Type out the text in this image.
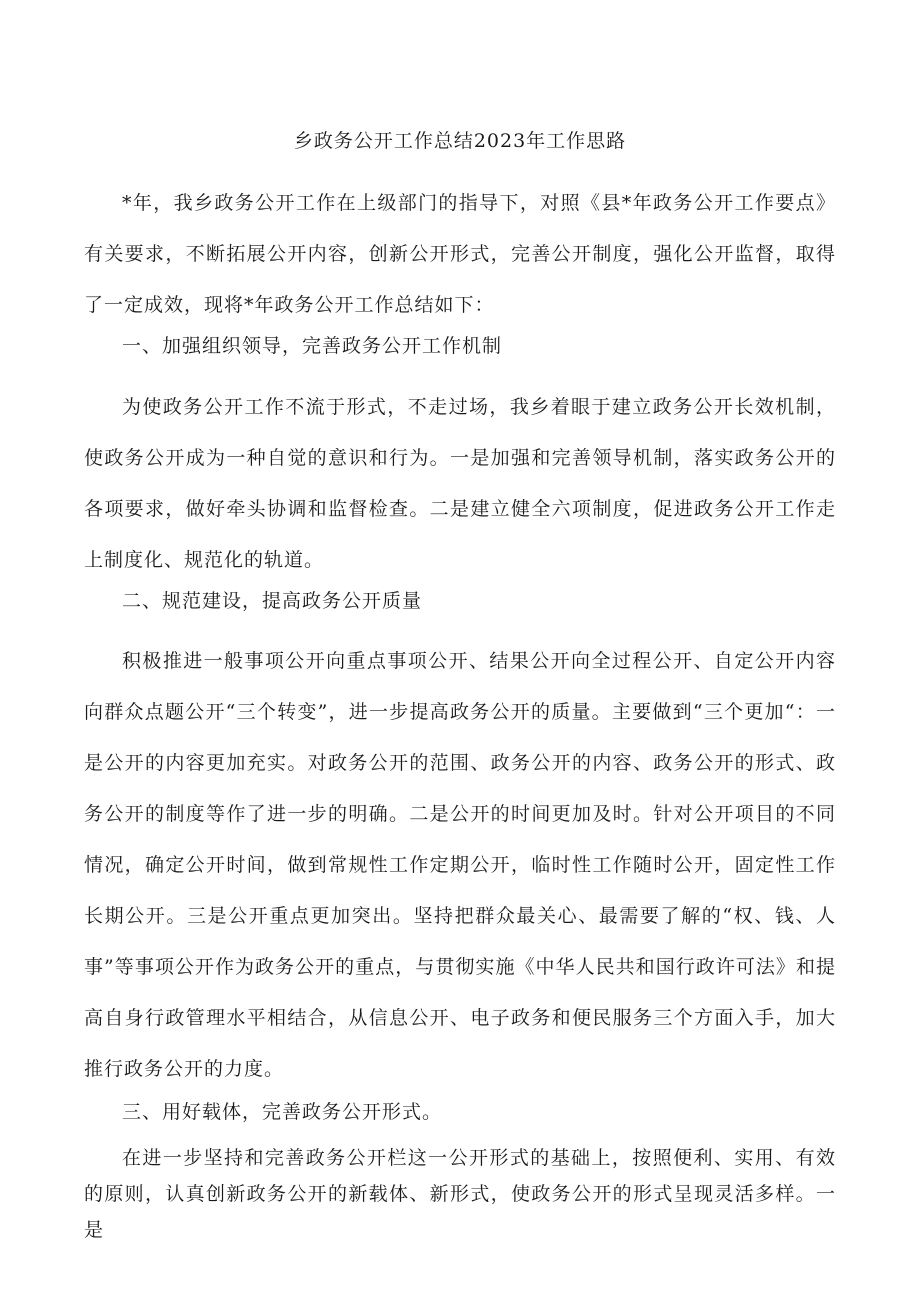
乡政务公开工作总结2023年工作思路
*年，我乡政务公开工作在上级部门的指导下，对照《县*年政务公开工作要点》有关要求，不断拓展公开内容，创新公开形式，完善公开制度，强化公开监督，取得了一定成效，现将*年政务公开工作总结如下：
一、加强组织领导，完善政务公开工作机制
为使政务公开工作不流于形式，不走过场，我乡着眼于建立政务公开长效机制，使政务公开成为一种自觉的意识和行为。一是加强和完善领导机制，落实政务公开的各项要求，做好牵头协调和监督检查。二是建立健全六项制度，促进政务公开工作走上制度化、规范化的轨道。
二、规范建设，提高政务公开质量
积极推进一般事项公开向重点事项公开、结果公开向全过程公开、自定公开内容向群众点题公开“三个转变”，进一步提高政务公开的质量。主要做到“三个更加“：一是公开的内容更加充实。对政务公开的范围、政务公开的内容、政务公开的形式、政务公开的制度等作了进一步的明确。二是公开的时间更加及时。针对公开项目的不同情况，确定公开时间，做到常规性工作定期公开，临时性工作随时公开，固定性工作长期公开。三是公开重点更加突出。坚持把群众最关心、最需要了解的“权、钱、人事”等事项公开作为政务公开的重点，与贯彻实施《中华人民共和国行政许可法》和提高自身行政管理水平相结合，从信息公开、电子政务和便民服务三个方面入手，加大推行政务公开的力度。
三、用好载体，完善政务公开形式。
在进一步坚持和完善政务公开栏这一公开形式的基础上，按照便利、实用、有效的原则，认真创新政务公开的新载体、新形式，使政务公开的形式呈现灵活多样。一是
